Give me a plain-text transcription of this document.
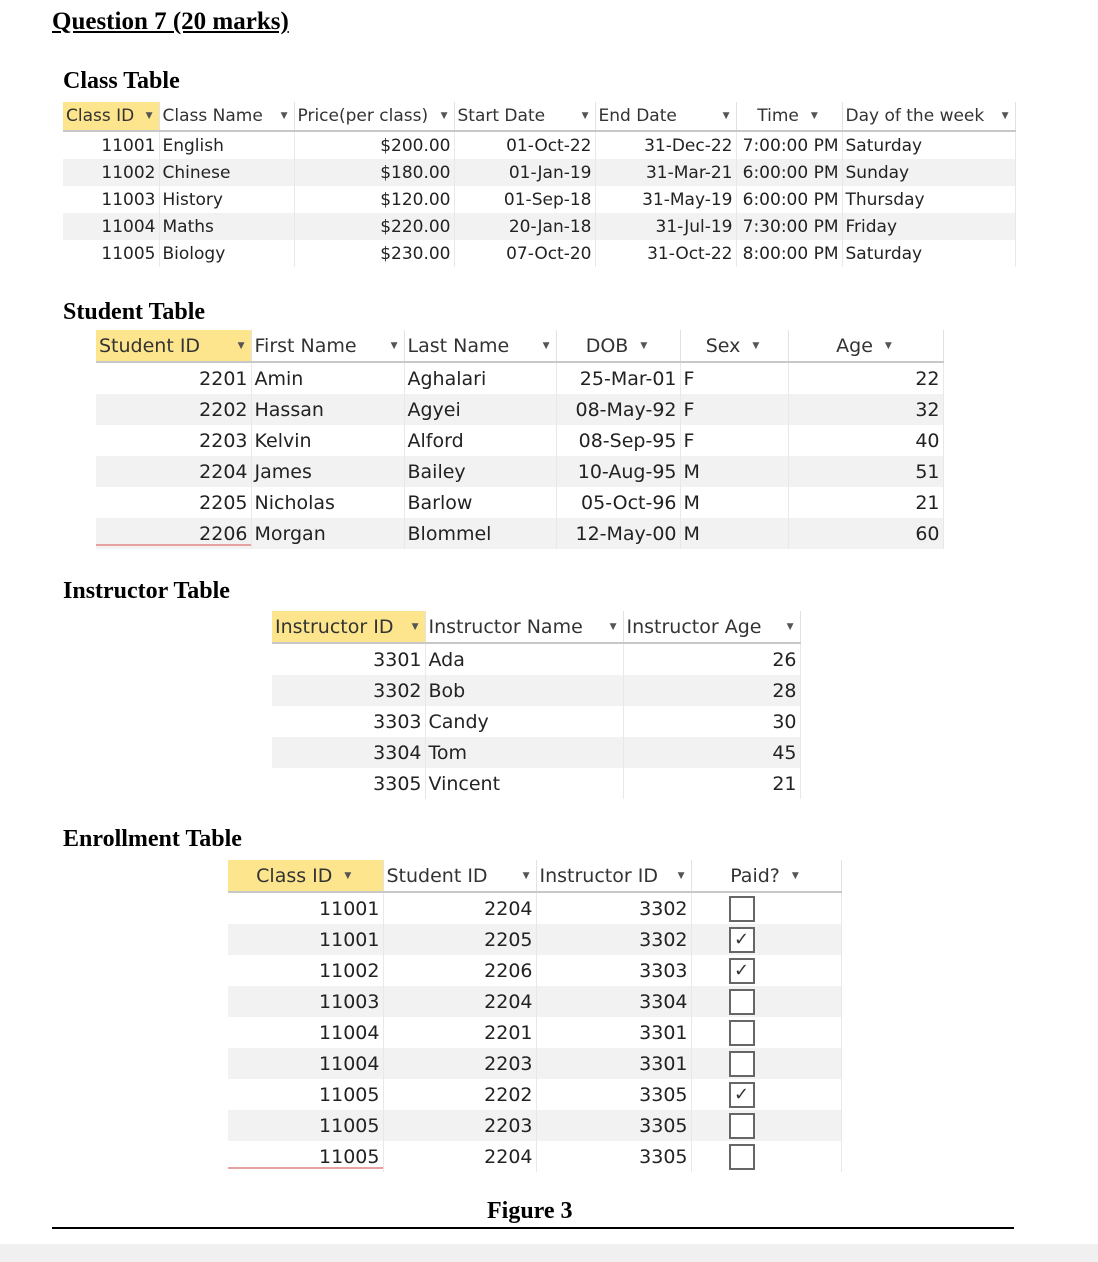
Question 7 (20 marks)
Class Table
Class ID ▼	Class Name ▼	Price(per class) ▼	Start Date ▼	End Date ▼	Time ▼	Day of the week ▼

11001	English	$200.00	01-Oct-22	31-Dec-22	7:00:00 PM	Saturday
11002	Chinese	$180.00	01-Jan-19	31-Mar-21	6:00:00 PM	Sunday
11003	History	$120.00	01-Sep-18	31-May-19	6:00:00 PM	Thursday
11004	Maths	$220.00	20-Jan-18	31-Jul-19	7:30:00 PM	Friday
11005	Biology	$230.00	07-Oct-20	31-Oct-22	8:00:00 PM	Saturday
Student Table
Student ID ▼	First Name ▼	Last Name ▼	DOB ▼	Sex ▼	Age ▼

2201	Amin	Aghalari	25-Mar-01	F	22
2202	Hassan	Agyei	08-May-92	F	32
2203	Kelvin	Alford	08-Sep-95	F	40
2204	James	Bailey	10-Aug-95	M	51
2205	Nicholas	Barlow	05-Oct-96	M	21
2206	Morgan	Blommel	12-May-00	M	60
Instructor Table
Instructor ID ▼	Instructor Name ▼	Instructor Age ▼

3301	Ada	26
3302	Bob	28
3303	Candy	30
3304	Tom	45
3305	Vincent	21
Enrollment Table
Class ID ▼	Student ID ▼	Instructor ID ▼	Paid? ▼

11001	2204	3302	
11001	2205	3302	✓
11002	2206	3303	✓
11003	2204	3304	
11004	2201	3301	
11004	2203	3301	
11005	2202	3305	✓
11005	2203	3305	
11005	2204	3305	
Figure 3
